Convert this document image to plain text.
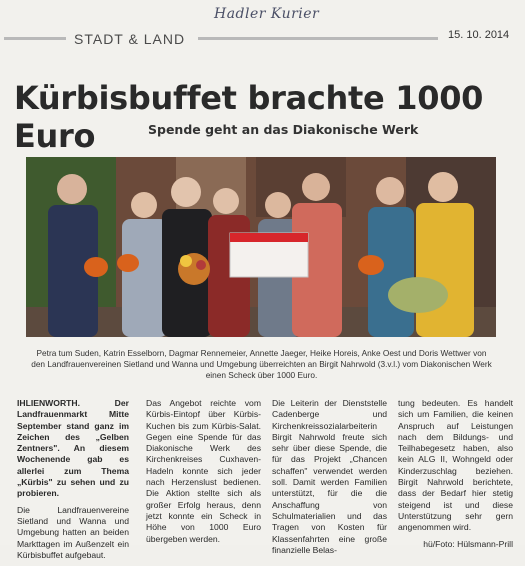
Hadler Kurier
STADT & LAND	15. 10. 2014
Kürbisbuffet brachte 1000 Euro	Spende geht an das Diakonische Werk
Petra tum Suden, Katrin Esselborn, Dagmar Rennemeier, Annette Jaeger, Heike Horeis, Anke Oest und Doris Wettwer von den Landfrauenvereinen Sietland und Wanna und Umgebung überreichten an Birgit Nahrwold (3.v.l.) vom Diakonischen Werk einen Scheck über 1000 Euro.

IHLIENWORTH. Der Landfrauenmarkt Mitte September stand ganz im Zeichen des „Gelben Zentners". An diesem Wochenende gab es allerlei zum Thema „Kürbis" zu sehen und zu probieren.

Die Landfrauenvereine Sietland und Wanna und Umgebung hatten an beiden Markttagen im Außenzelt ein Kürbisbuffet aufgebaut.

Das Angebot reichte vom Kürbis-Eintopf über Kürbis-Kuchen bis zum Kürbis-Salat. Gegen eine Spende für das Diakonische Werk des Kirchenkreises Cuxhaven-Hadeln konnte sich jeder nach Herzenslust bedienen. Die Aktion stellte sich als großer Erfolg heraus, denn jetzt konnte ein Scheck in Höhe von 1000 Euro übergeben werden.

Die Leiterin der Dienststelle Cadenberge und Kirchenkreissozialarbeiterin Birgit Nahrwold freute sich sehr über diese Spende, die für das Projekt „Chancen schaffen" verwendet werden soll. Damit werden Familien unterstützt, für die die Anschaffung von Schulmaterialien und das Tragen von Kosten für Klassenfahrten eine große finanzielle Belas-

tung bedeuten. Es handelt sich um Familien, die keinen Anspruch auf Leistungen nach dem Bildungs- und Teilhabegesetz haben, also kein ALG II, Wohngeld oder Kinderzuschlag beziehen. Birgit Nahrwold berichtete, dass der Bedarf hier stetig steigend ist und diese Unterstützung sehr gern angenommen wird.

hü/Foto: Hülsmann-Prill
